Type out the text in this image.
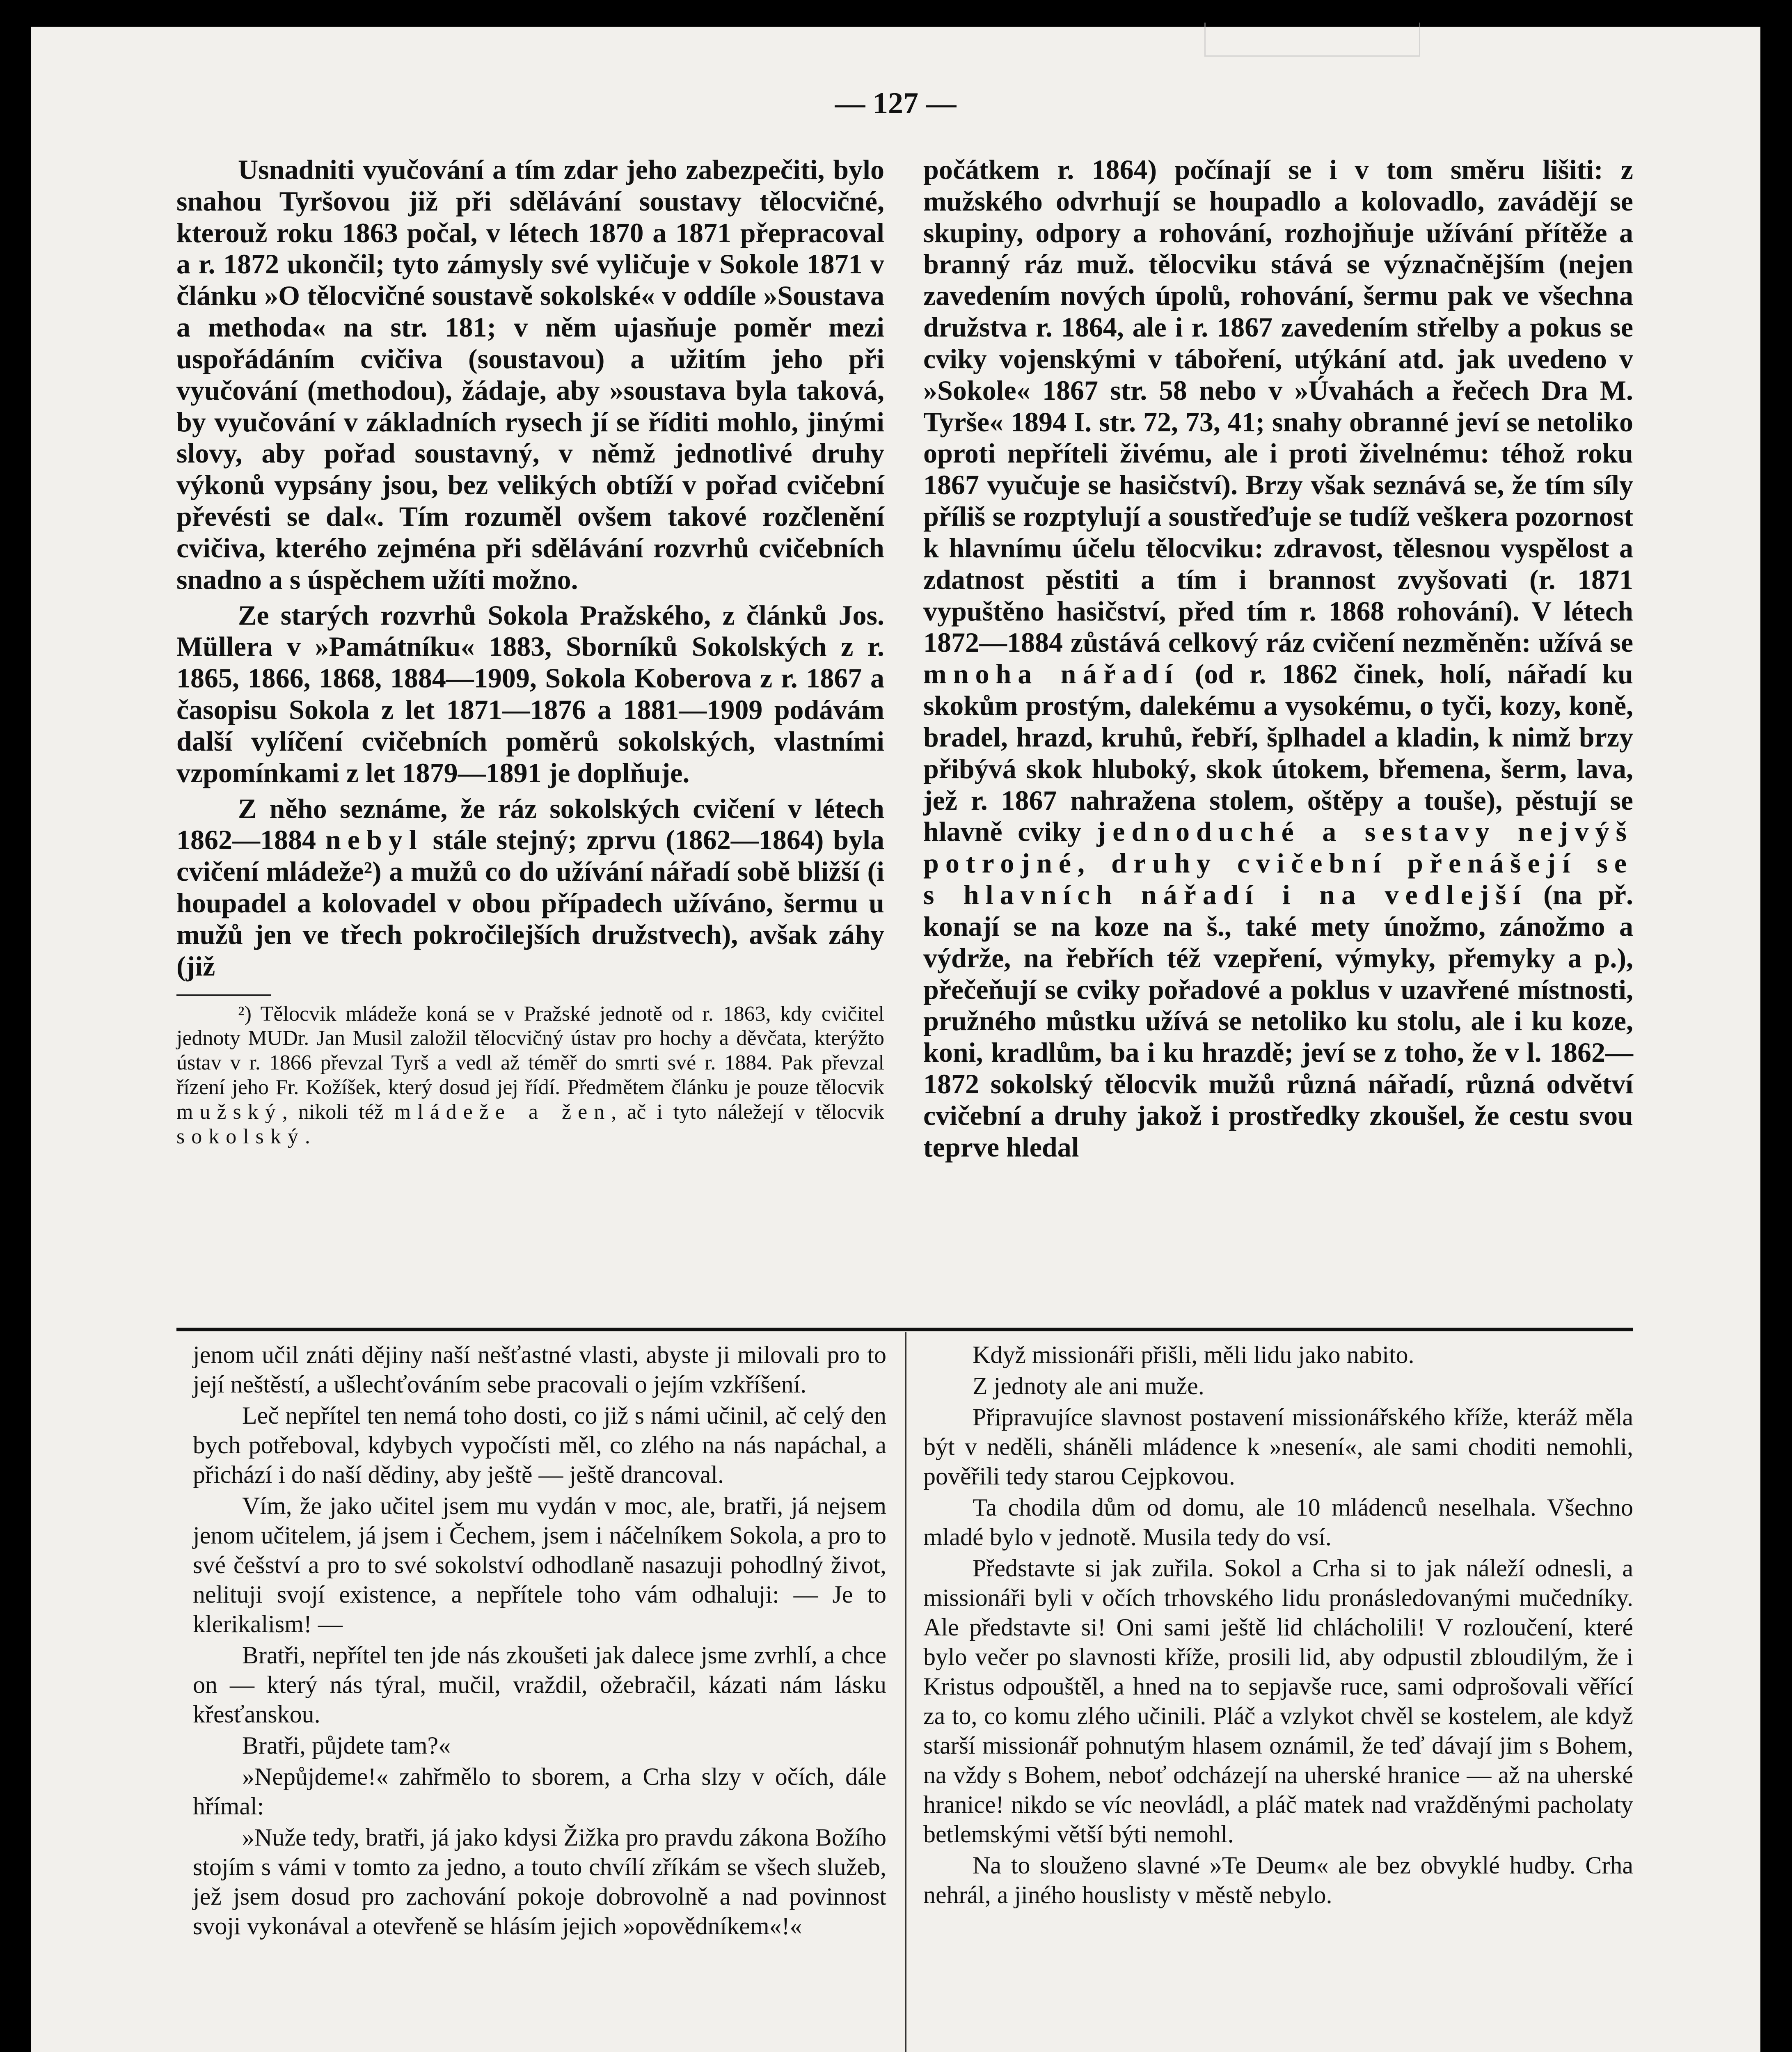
— 127 —

Usnadniti vyučování a tím zdar jeho zabezpečiti, bylo snahou Tyršovou již při sdělávání soustavy tělocvičné, kterouž roku 1863 počal, v létech 1870 a 1871 přepracoval a r. 1872 ukončil; tyto zámysly své vyličuje v Sokole 1871 v článku »O tělocvičné soustavě sokolské« v oddíle »Soustava a methoda« na str. 181; v něm ujasňuje poměr mezi uspořádáním cvičiva (soustavou) a užitím jeho při vyučování (methodou), žádaje, aby »soustava byla taková, by vyučování v základních rysech jí se říditi mohlo, jinými slovy, aby pořad soustavný, v němž jednotlivé druhy výkonů vypsány jsou, bez velikých obtíží v pořad cvičební převésti se dal«. Tím rozuměl ovšem takové rozčlenění cvičiva, kterého zejména při sdělávání rozvrhů cvičebních snadno a s úspěchem užíti možno.

Ze starých rozvrhů Sokola Pražského, z článků Jos. Müllera v »Památníku« 1883, Sborníků Sokolských z r. 1865, 1866, 1868, 1884—1909, Sokola Koberova z r. 1867 a časopisu Sokola z let 1871—1876 a 1881—1909 podávám další vylíčení cvičebních poměrů sokolských, vlastními vzpomínkami z let 1879—1891 je doplňuje.

Z něho seznáme, že ráz sokolských cvičení v létech 1862—1884 nebyl stále stejný; zprvu (1862—1864) byla cvičení mládeže²) a mužů co do užívání nářadí sobě bližší (i houpadel a kolovadel v obou případech užíváno, šermu u mužů jen ve třech pokročilejších družstvech), avšak záhy (již

²) Tělocvik mládeže koná se v Pražské jednotě od r. 1863, kdy cvičitel jednoty MUDr. Jan Musil založil tělocvičný ústav pro hochy a děvčata, kterýžto ústav v r. 1866 převzal Tyrš a vedl až téměř do smrti své r. 1884. Pak převzal řízení jeho Fr. Kožíšek, který dosud jej řídí. Předmětem článku je pouze tělocvik mužský, nikoli též mládeže a žen, ač i tyto náležejí v tělocvik sokolský.

počátkem r. 1864) počínají se i v tom směru lišiti: z mužského odvrhují se houpadlo a kolovadlo, zavádějí se skupiny, odpory a rohování, rozhojňuje užívání přítěže a branný ráz muž. tělocviku stává se význačnějším (nejen zavedením nových úpolů, rohování, šermu pak ve všechna družstva r. 1864, ale i r. 1867 zavedením střelby a pokus se cviky vojenskými v táboření, utýkání atd. jak uvedeno v »Sokole« 1867 str. 58 nebo v »Úvahách a řečech Dra M. Tyrše« 1894 I. str. 72, 73, 41; snahy obranné jeví se netoliko oproti nepříteli živému, ale i proti živelnému: téhož roku 1867 vyučuje se hasičství). Brzy však seznává se, že tím síly příliš se rozptylují a soustřeďuje se tudíž veškera pozornost k hlavnímu účelu tělocviku: zdravost, tělesnou vyspělost a zdatnost pěstiti a tím i brannost zvyšovati (r. 1871 vypuštěno hasičství, před tím r. 1868 rohování). V létech 1872—1884 zůstává celkový ráz cvičení nezměněn: užívá se mnoha nářadí (od r. 1862 činek, holí, nářadí ku skokům prostým, dalekému a vysokému, o tyči, kozy, koně, bradel, hrazd, kruhů, řebří, šplhadel a kladin, k nimž brzy přibývá skok hluboký, skok útokem, břemena, šerm, lava, jež r. 1867 nahražena stolem, oštěpy a touše), pěstují se hlavně cviky jednoduché a sestavy nejvýš potrojné, druhy cvičební přenášejí se s hlavních nářadí i na vedlejší (na př. konají se na koze na š., také mety únožmo, zánožmo a výdrže, na řebřích též vzepření, výmyky, přemyky a p.), přečeňují se cviky pořadové a poklus v uzavřené místnosti, pružného můstku užívá se netoliko ku stolu, ale i ku koze, koni, kradlům, ba i ku hrazdě; jeví se z toho, že v l. 1862—1872 sokolský tělocvik mužů různá nářadí, různá odvětví cvičební a druhy jakož i prostředky zkoušel, že cestu svou teprve hledal

jenom učil znáti dějiny naší nešťastné vlasti, abyste ji milovali pro to její neštěstí, a ušlechťováním sebe pracovali o jejím vzkříšení.

Leč nepřítel ten nemá toho dosti, co již s námi učinil, ač celý den bych potřeboval, kdybych vypočísti měl, co zlého na nás napáchal, a přichází i do naší dědiny, aby ještě — ještě drancoval.

Vím, že jako učitel jsem mu vydán v moc, ale, bratři, já nejsem jenom učitelem, já jsem i Čechem, jsem i náčelníkem Sokola, a pro to své češství a pro to své sokolství odhodlaně nasazuji pohodlný život, nelituji svojí existence, a nepřítele toho vám odhaluji: — Je to klerikalism! —

Bratři, nepřítel ten jde nás zkoušeti jak dalece jsme zvrhlí, a chce on — který nás týral, mučil, vraždil, ožebračil, kázati nám lásku křesťanskou.

Bratři, půjdete tam?«

»Nepůjdeme!« zahřmělo to sborem, a Crha slzy v očích, dále hřímal:

»Nuže tedy, bratři, já jako kdysi Žižka pro pravdu zákona Božího stojím s vámi v tomto za jedno, a touto chvílí zříkám se všech služeb, jež jsem dosud pro zachování pokoje dobrovolně a nad povinnost svoji vykonával a otevřeně se hlásím jejich »opovědníkem«!«

Když missionáři přišli, měli lidu jako nabito.

Z jednoty ale ani muže.

Připravujíce slavnost postavení missionářského kříže, kteráž měla být v neděli, sháněli mládence k »nesení«, ale sami choditi nemohli, pověřili tedy starou Cejpkovou.

Ta chodila dům od domu, ale 10 mládenců neselhala. Všechno mladé bylo v jednotě. Musila tedy do vsí.

Představte si jak zuřila. Sokol a Crha si to jak náleží odnesli, a missionáři byli v očích trhovského lidu pronásledovanými mučedníky. Ale představte si! Oni sami ještě lid chlácholili! V rozloučení, které bylo večer po slavnosti kříže, prosili lid, aby odpustil zbloudilým, že i Kristus odpouštěl, a hned na to sepjavše ruce, sami odprošovali věřící za to, co komu zlého učinili. Pláč a vzlykot chvěl se kostelem, ale když starší missionář pohnutým hlasem oznámil, že teď dávají jim s Bohem, na vždy s Bohem, neboť odcházejí na uherské hranice — až na uherské hranice! nikdo se víc neovládl, a pláč matek nad vražděnými pacholaty betlemskými větší býti nemohl.

Na to slouženo slavné »Te Deum« ale bez obvyklé hudby. Crha nehrál, a jiného houslisty v městě nebylo.
